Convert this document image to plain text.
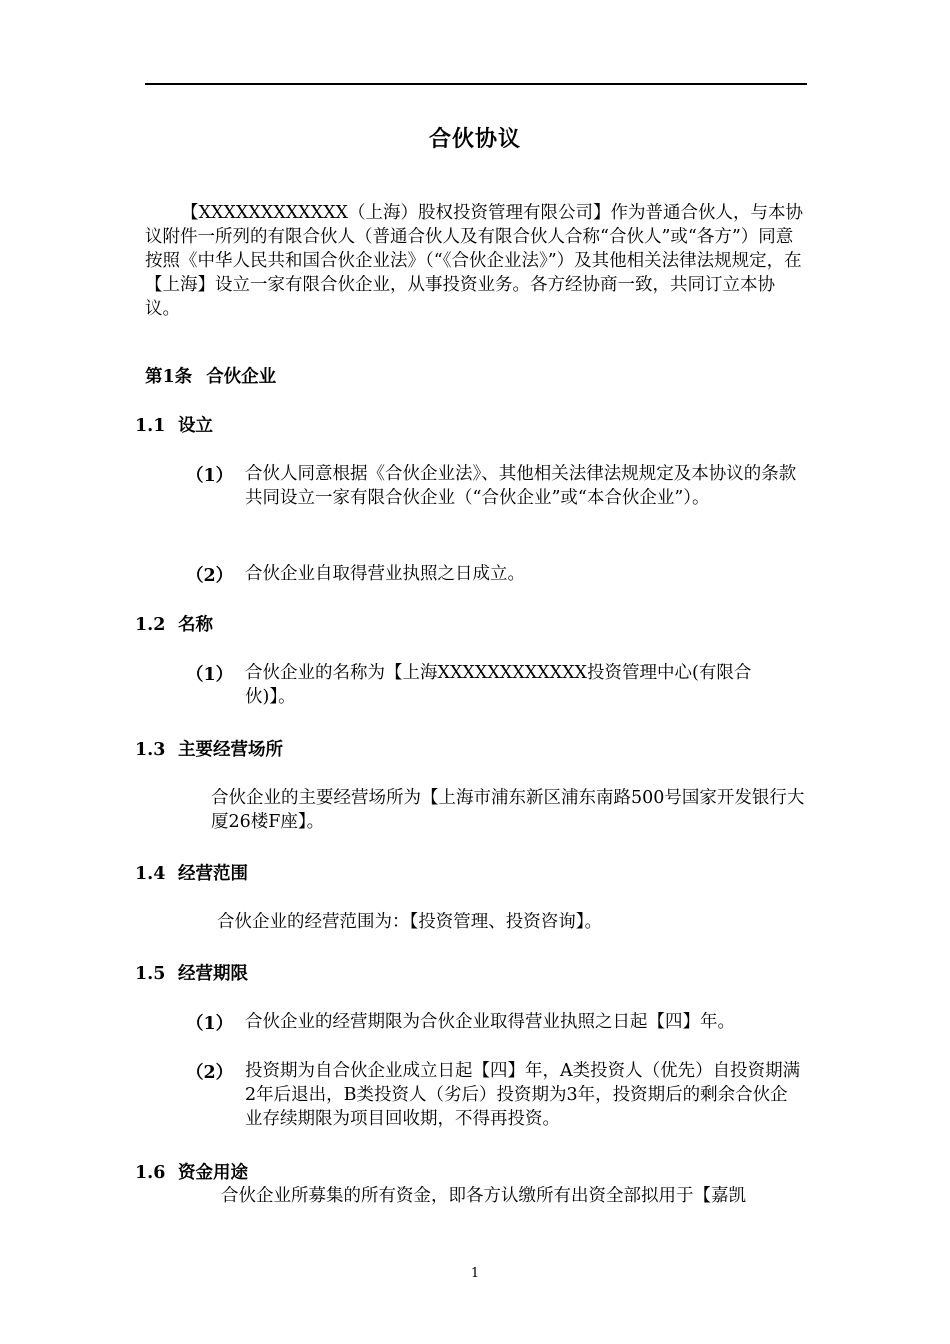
合伙协议
【XXXXXXXXXXXX（上海）股权投资管理有限公司】作为普通合伙人，与本协议附件一所列的有限合伙人（普通合伙人及有限合伙人合称“合伙人”或“各方”）同意按照《中华人民共和国合伙企业法》（“《合伙企业法》”）及其他相关法律法规规定，在【上海】设立一家有限合伙企业，从事投资业务。各方经协商一致，共同订立本协议。
第1条 合伙企业
1.1 设立
（1） 合伙人同意根据《合伙企业法》、其他相关法律法规规定及本协议的条款共同设立一家有限合伙企业（“合伙企业”或“本合伙企业”）。
（2） 合伙企业自取得营业执照之日成立。
1.2 名称
（1） 合伙企业的名称为【上海XXXXXXXXXXXX投资管理中心(有限合伙)】。
1.3 主要经营场所
合伙企业的主要经营场所为【上海市浦东新区浦东南路500号国家开发银行大厦26楼F座】。
1.4 经营范围
合伙企业的经营范围为：【投资管理、投资咨询】。
1.5 经营期限
（1） 合伙企业的经营期限为合伙企业取得营业执照之日起【四】年。
（2） 投资期为自合伙企业成立日起【四】年，A类投资人（优先）自投资期满2年后退出，B类投资人（劣后）投资期为3年，投资期后的剩余合伙企业存续期限为项目回收期，不得再投资。
1.6 资金用途
合伙企业所募集的所有资金，即各方认缴所有出资全部拟用于【嘉凯
1
